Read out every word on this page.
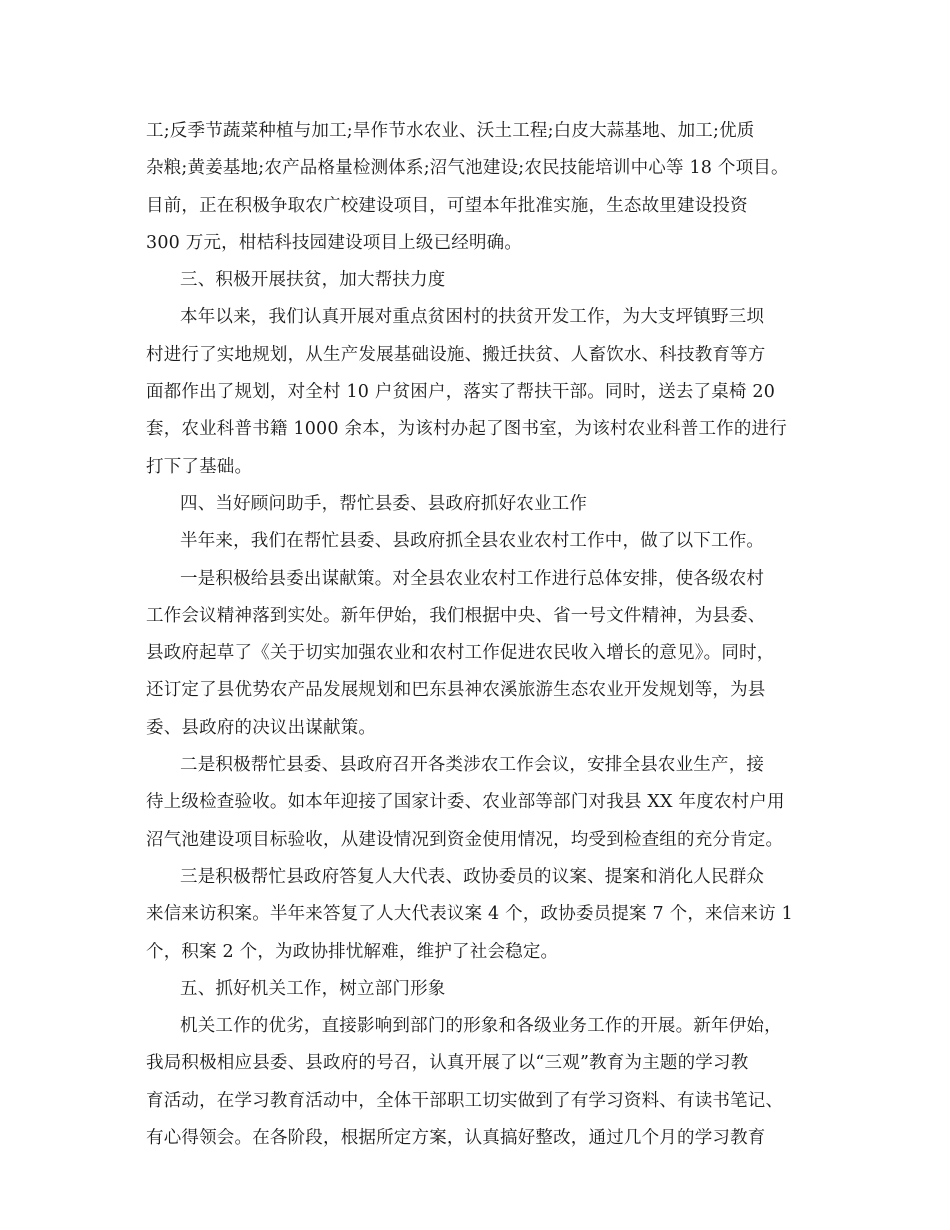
工;反季节蔬菜种植与加工;旱作节水农业、沃土工程;白皮大蒜基地、加工;优质
杂粮;黄姜基地;农产品格量检测体系;沼气池建设;农民技能培训中心等 18 个项目。
目前，正在积极争取农广校建设项目，可望本年批准实施，生态故里建设投资
300 万元，柑桔科技园建设项目上级已经明确。
三、积极开展扶贫，加大帮扶力度
本年以来，我们认真开展对重点贫困村的扶贫开发工作，为大支坪镇野三坝
村进行了实地规划，从生产发展基础设施、搬迁扶贫、人畜饮水、科技教育等方
面都作出了规划，对全村 10 户贫困户，落实了帮扶干部。同时，送去了桌椅 20
套，农业科普书籍 1000 余本，为该村办起了图书室，为该村农业科普工作的进行
打下了基础。
四、当好顾问助手，帮忙县委、县政府抓好农业工作
半年来，我们在帮忙县委、县政府抓全县农业农村工作中，做了以下工作。
一是积极给县委出谋献策。对全县农业农村工作进行总体安排，使各级农村
工作会议精神落到实处。新年伊始，我们根据中央、省一号文件精神，为县委、
县政府起草了《关于切实加强农业和农村工作促进农民收入增长的意见》。同时，
还订定了县优势农产品发展规划和巴东县神农溪旅游生态农业开发规划等，为县
委、县政府的决议出谋献策。
二是积极帮忙县委、县政府召开各类涉农工作会议，安排全县农业生产，接
待上级检查验收。如本年迎接了国家计委、农业部等部门对我县 XX 年度农村户用
沼气池建设项目标验收，从建设情况到资金使用情况，均受到检查组的充分肯定。
三是积极帮忙县政府答复人大代表、政协委员的议案、提案和消化人民群众
来信来访积案。半年来答复了人大代表议案 4 个，政协委员提案 7 个，来信来访 1
个，积案 2 个，为政协排忧解难，维护了社会稳定。
五、抓好机关工作，树立部门形象
机关工作的优劣，直接影响到部门的形象和各级业务工作的开展。新年伊始，
我局积极相应县委、县政府的号召，认真开展了以“三观”教育为主题的学习教
育活动，在学习教育活动中，全体干部职工切实做到了有学习资料、有读书笔记、
有心得领会。在各阶段，根据所定方案，认真搞好整改，通过几个月的学习教育
